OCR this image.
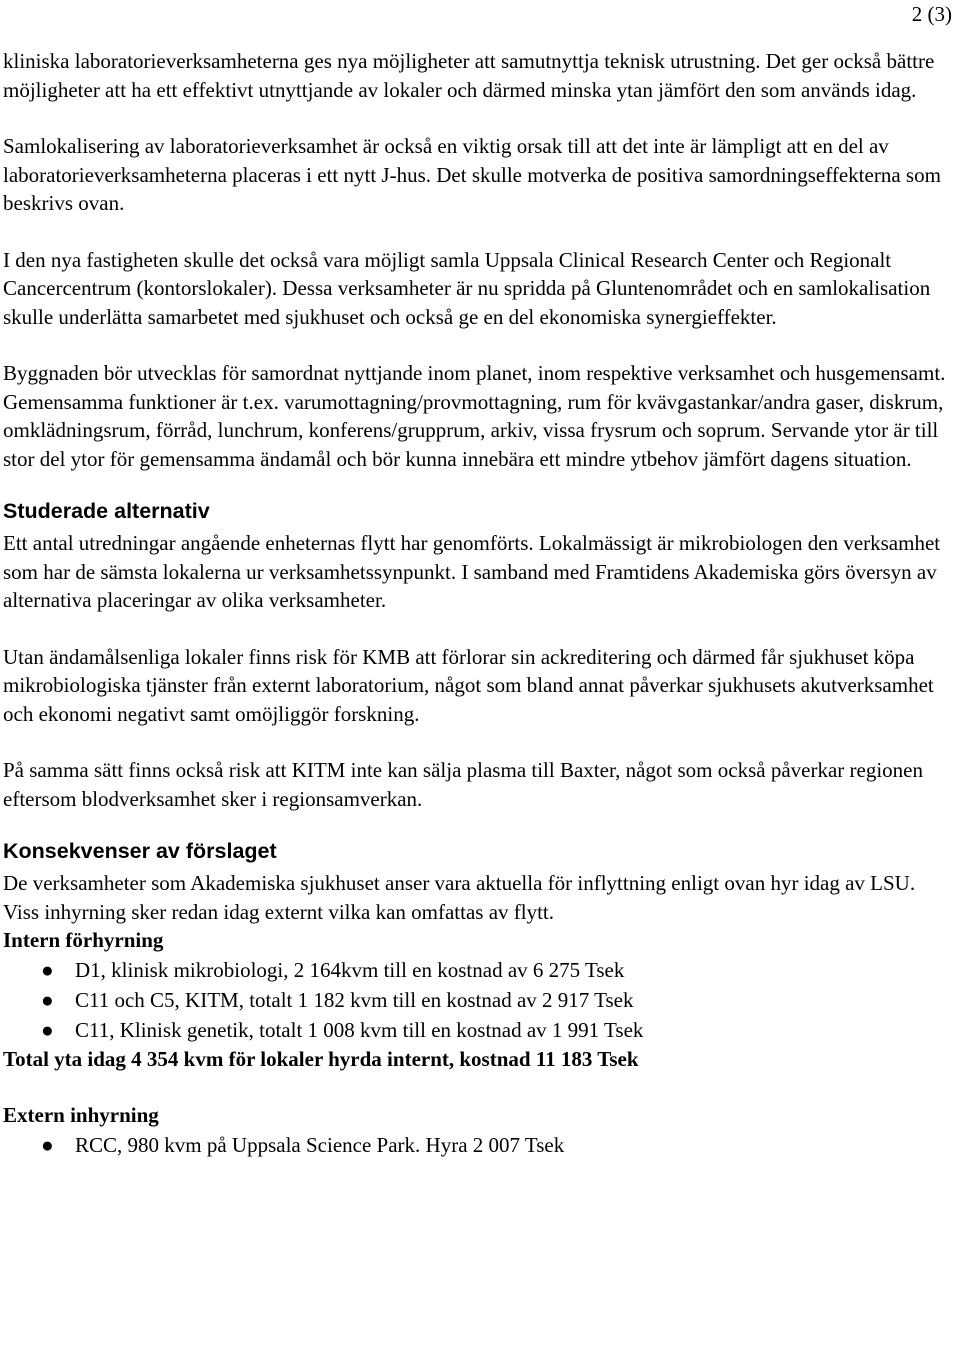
2 (3)

kliniska laboratorieverksamheterna ges nya möjligheter att samutnyttja teknisk utrustning. Det ger också bättre möjligheter att ha ett effektivt utnyttjande av lokaler och därmed minska ytan jämfört den som används idag.

Samlokalisering av laboratorieverksamhet är också en viktig orsak till att det inte är lämpligt att en del av laboratorieverksamheterna placeras i ett nytt J-hus. Det skulle motverka de positiva samordningseffekterna som beskrivs ovan.

I den nya fastigheten skulle det också vara möjligt samla Uppsala Clinical Research Center och Regionalt Cancercentrum (kontorslokaler). Dessa verksamheter är nu spridda på Gluntenområdet och en samlokalisation skulle underlätta samarbetet med sjukhuset och också ge en del ekonomiska synergieffekter.

Byggnaden bör utvecklas för samordnat nyttjande inom planet, inom respektive verksamhet och husgemensamt. Gemensamma funktioner är t.ex. varumottagning/provmottagning, rum för kvävgastankar/andra gaser, diskrum, omklädningsrum, förråd, lunchrum, konferens/grupprum, arkiv, vissa frysrum och soprum. Servande ytor är till stor del ytor för gemensamma ändamål och bör kunna innebära ett mindre ytbehov jämfört dagens situation.

Studerade alternativ

Ett antal utredningar angående enheternas flytt har genomförts. Lokalmässigt är mikrobiologen den verksamhet som har de sämsta lokalerna ur verksamhetssynpunkt. I samband med Framtidens Akademiska görs översyn av alternativa placeringar av olika verksamheter.

Utan ändamålsenliga lokaler finns risk för KMB att förlorar sin ackreditering och därmed får sjukhuset köpa mikrobiologiska tjänster från externt laboratorium, något som bland annat påverkar sjukhusets akutverksamhet och ekonomi negativt samt omöjliggör forskning.

På samma sätt finns också risk att KITM inte kan sälja plasma till Baxter, något som också påverkar regionen eftersom blodverksamhet sker i regionsamverkan.

Konsekvenser av förslaget

De verksamheter som Akademiska sjukhuset anser vara aktuella för inflyttning enligt ovan hyr idag av LSU. Viss inhyrning sker redan idag externt vilka kan omfattas av flytt.

Intern förhyrning
● D1, klinisk mikrobiologi, 2 164kvm till en kostnad av 6 275 Tsek
● C11 och C5, KITM, totalt 1 182 kvm till en kostnad av 2 917 Tsek
● C11, Klinisk genetik, totalt 1 008 kvm till en kostnad av 1 991 Tsek
Total yta idag 4 354 kvm för lokaler hyrda internt, kostnad 11 183 Tsek
Extern inhyrning
● RCC, 980 kvm på Uppsala Science Park. Hyra 2 007 Tsek
